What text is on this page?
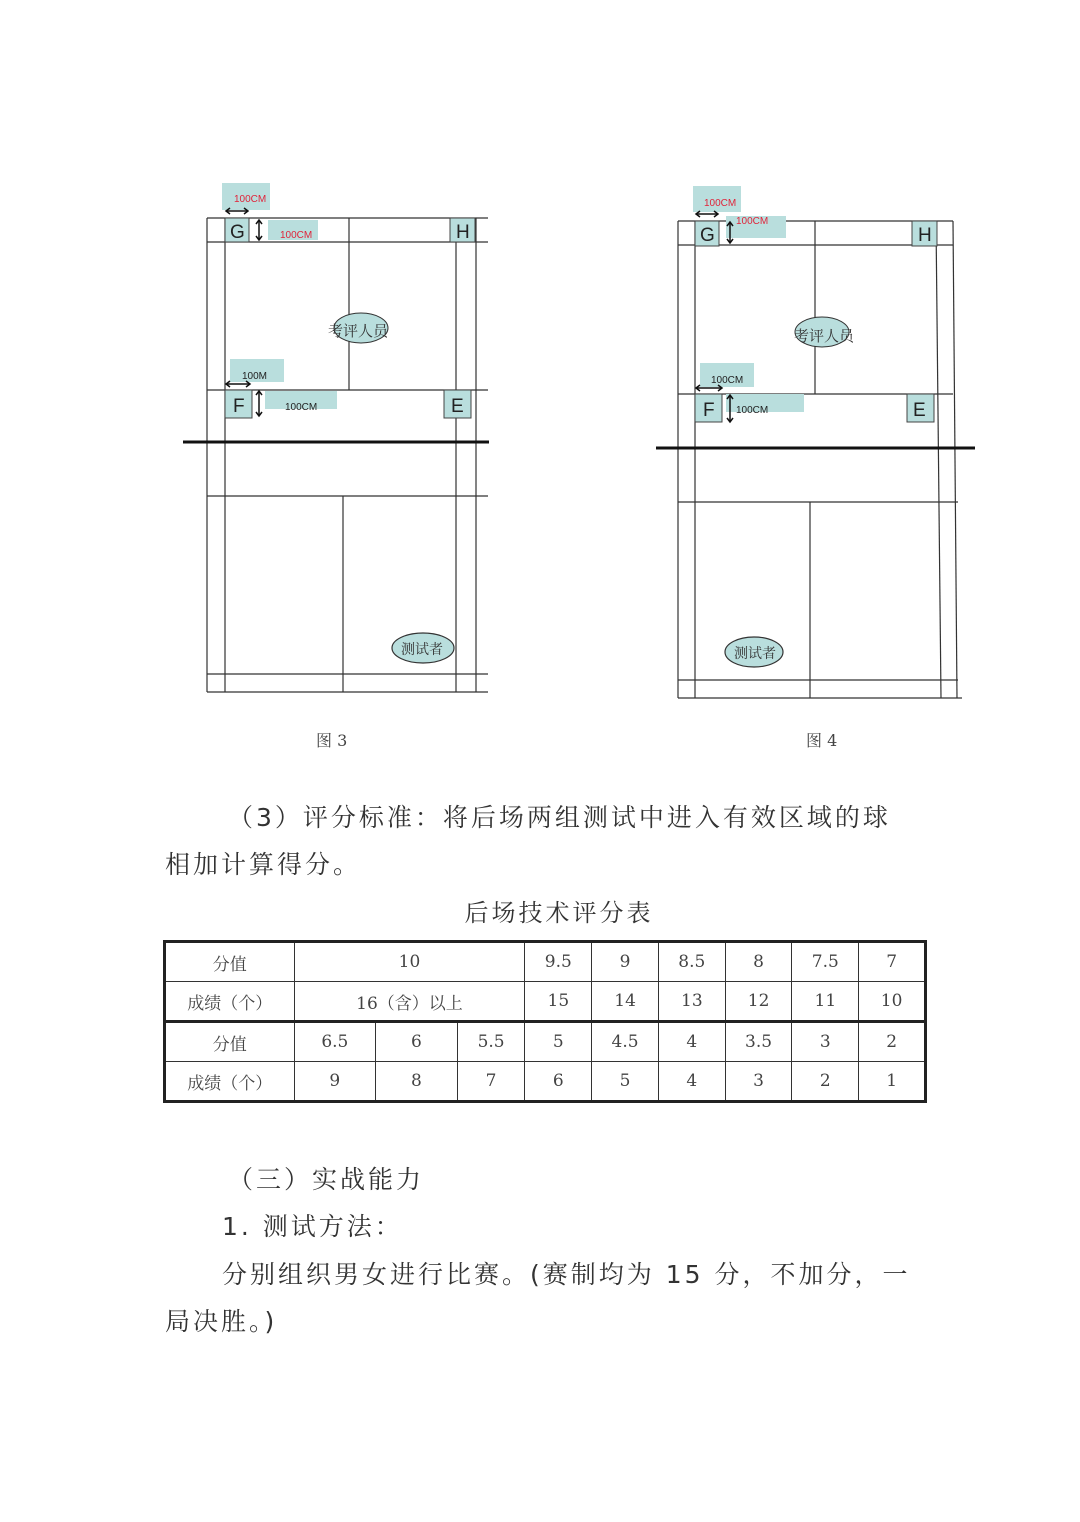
G	H
F	E
100CM
100CM
100M
100CM
考评人员
测试者
图 3
G	H
F	E
100CM
100CM
100CM
100CM
考评人员
测试者
图 4
（3）评分标准：将后场两组测试中进入有效区域的球
相加计算得分。
后场技术评分表
分值	10			9.5	9	8.5	8	7.5	7
成绩（个）	16（含）以上			15	14	13	12	11	10
分值	6.5	6	5.5	5	4.5	4	3.5	3	2
成绩（个）	9	8	7	6	5	4	3	2	1
（三）实战能力
1. 测试方法：
分别组织男女进行比赛。(赛制均为 15 分，不加分，一
局决胜。)
